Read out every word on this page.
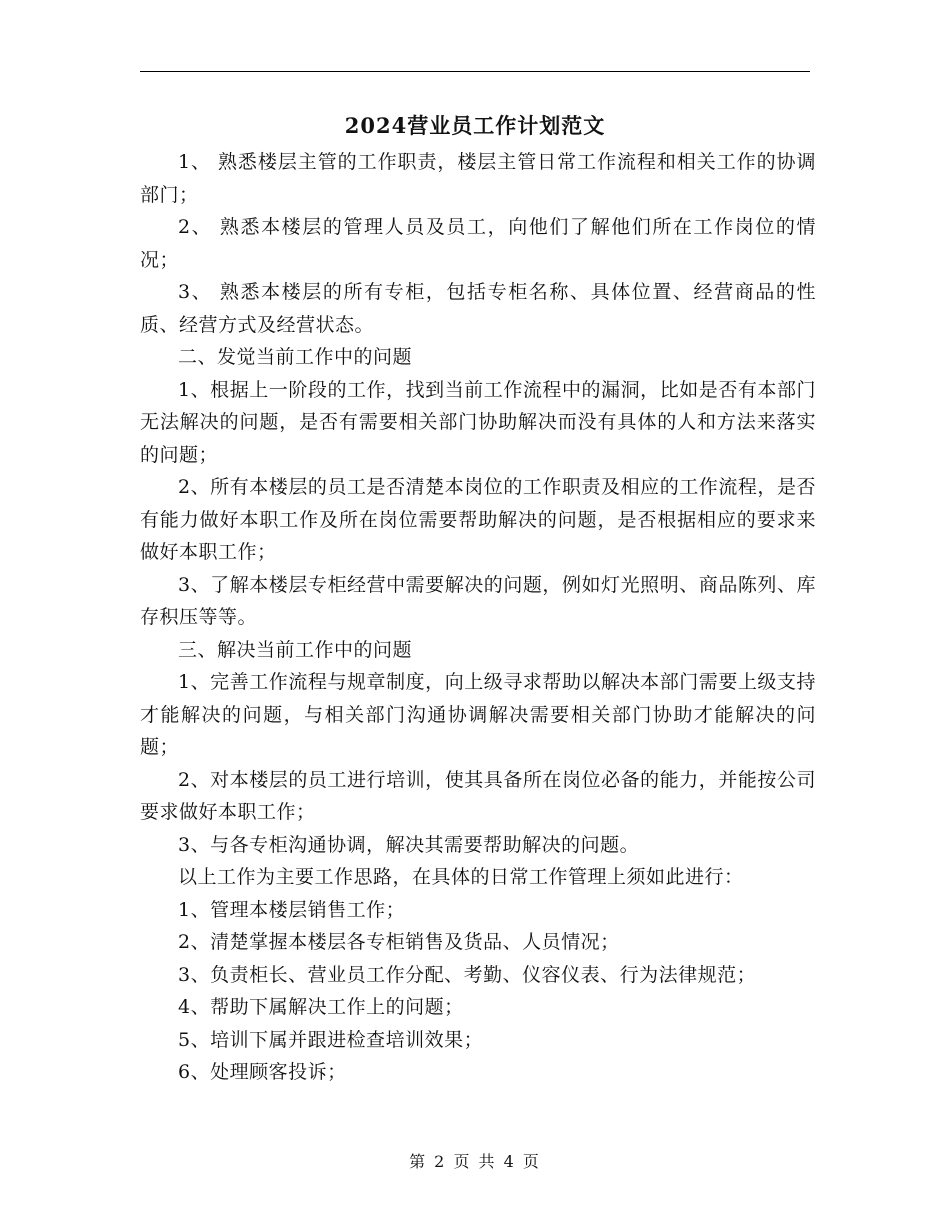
2024营业员工作计划范文

1、 熟悉楼层主管的工作职责，楼层主管日常工作流程和相关工作的协调部门；

2、 熟悉本楼层的管理人员及员工，向他们了解他们所在工作岗位的情况；

3、 熟悉本楼层的所有专柜，包括专柜名称、具体位置、经营商品的性质、经营方式及经营状态。

二、发觉当前工作中的问题

1、根据上一阶段的工作，找到当前工作流程中的漏洞，比如是否有本部门无法解决的问题，是否有需要相关部门协助解决而没有具体的人和方法来落实的问题；

2、所有本楼层的员工是否清楚本岗位的工作职责及相应的工作流程，是否有能力做好本职工作及所在岗位需要帮助解决的问题，是否根据相应的要求来做好本职工作；

3、了解本楼层专柜经营中需要解决的问题，例如灯光照明、商品陈列、库存积压等等。

三、解决当前工作中的问题

1、完善工作流程与规章制度，向上级寻求帮助以解决本部门需要上级支持才能解决的问题，与相关部门沟通协调解决需要相关部门协助才能解决的问题；

2、对本楼层的员工进行培训，使其具备所在岗位必备的能力，并能按公司要求做好本职工作；

3、与各专柜沟通协调，解决其需要帮助解决的问题。

以上工作为主要工作思路，在具体的日常工作管理上须如此进行：

1、管理本楼层销售工作；

2、清楚掌握本楼层各专柜销售及货品、人员情况；

3、负责柜长、营业员工作分配、考勤、仪容仪表、行为法律规范；

4、帮助下属解决工作上的问题；

5、培训下属并跟进检查培训效果；

6、处理顾客投诉；

第 2 页 共 4 页
